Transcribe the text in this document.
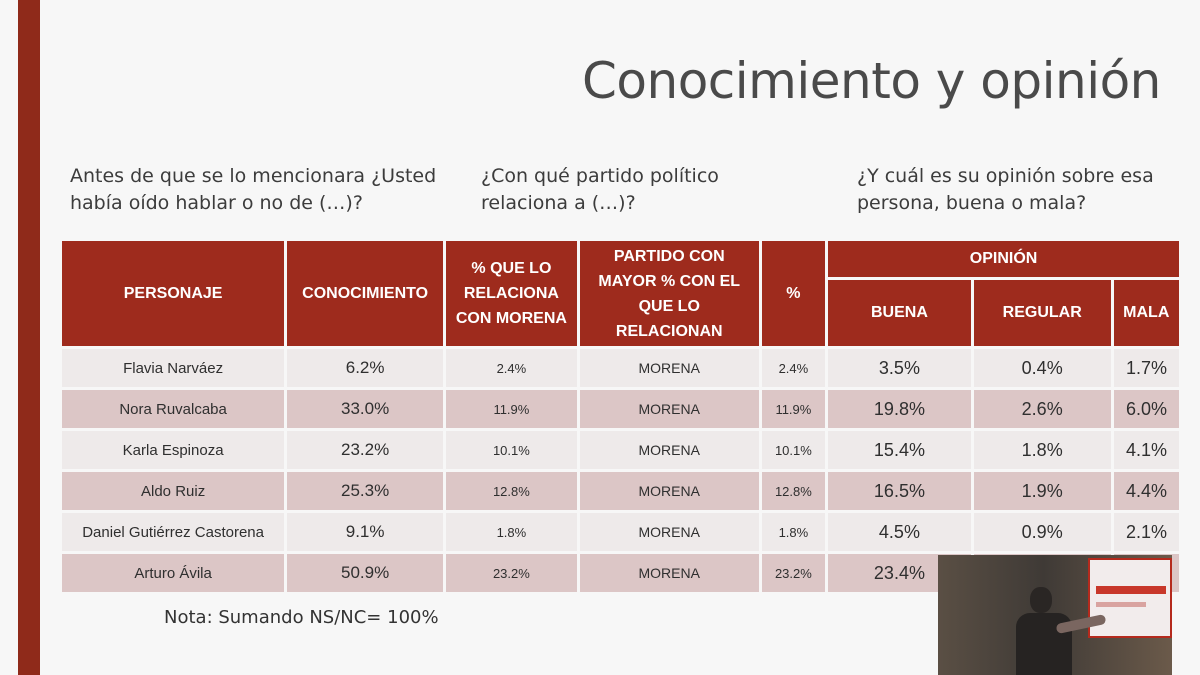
Conocimiento y opinión
Antes de que se lo mencionara ¿Usted había oído hablar o no de (…)?
¿Con qué partido político relaciona a (…)?
¿Y cuál es su opinión sobre esa persona, buena o mala?
PERSONAJE	CONOCIMIENTO	% QUE LO RELACIONA CON MORENA	PARTIDO CON MAYOR % CON EL QUE LO RELACIONAN	%	OPINIÓN		
					BUENA	REGULAR	MALA
Flavia Narváez	6.2%	2.4%	MORENA	2.4%	3.5%	0.4%	1.7%
Nora Ruvalcaba	33.0%	11.9%	MORENA	11.9%	19.8%	2.6%	6.0%
Karla Espinoza	23.2%	10.1%	MORENA	10.1%	15.4%	1.8%	4.1%
Aldo Ruiz	25.3%	12.8%	MORENA	12.8%	16.5%	1.9%	4.4%
Daniel Gutiérrez Castorena	9.1%	1.8%	MORENA	1.8%	4.5%	0.9%	2.1%
Arturo Ávila	50.9%	23.2%	MORENA	23.2%	23.4%		
Nota: Sumando NS/NC= 100%
